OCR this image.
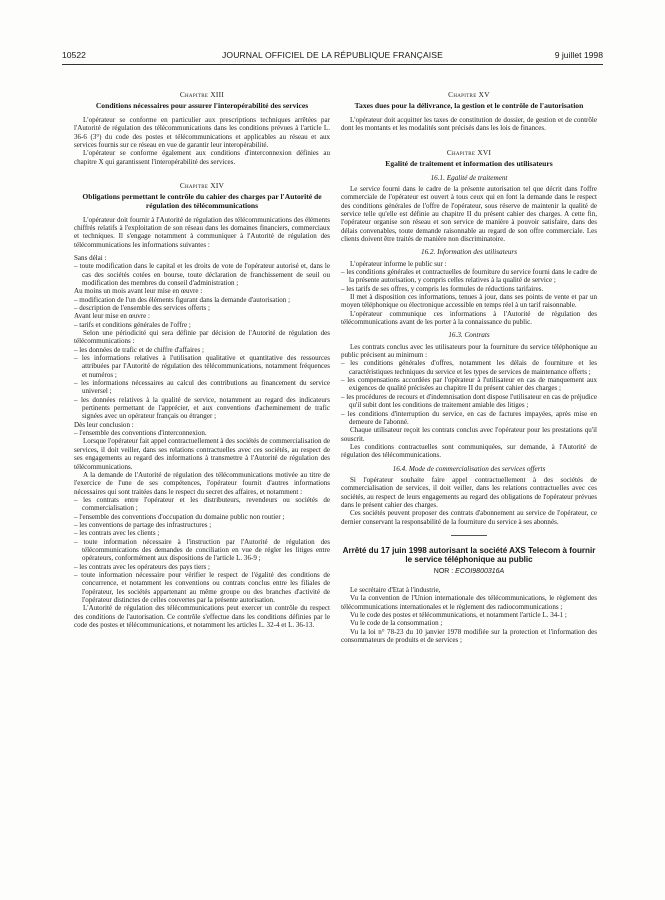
10522	JOURNAL OFFICIEL DE LA RÉPUBLIQUE FRANÇAISE	9 juillet 1998
Chapitre XIII
Conditions nécessaires pour assurer l'interopérabilité des services

L'opérateur se conforme en particulier aux prescriptions techniques arrêtées par l'Autorité de régulation des télécommunications dans les conditions prévues à l'article L. 36-6 (3°) du code des postes et télécommunications et applicables au réseau et aux services fournis sur ce réseau en vue de garantir leur interopérabilité.

L'opérateur se conforme également aux conditions d'interconnexion définies au chapitre X qui garantissent l'interopérabilité des services.

Chapitre XIV
Obligations permettant le contrôle du cahier des charges par l'Autorité de régulation des télécommunications

L'opérateur doit fournir à l'Autorité de régulation des télécommunications des éléments chiffrés relatifs à l'exploitation de son réseau dans les domaines financiers, commerciaux et techniques. Il s'engage notamment à communiquer à l'Autorité de régulation des télécommunications les informations suivantes :

Sans délai :

– toute modification dans le capital et les droits de vote de l'opérateur autorisé et, dans le cas des sociétés cotées en bourse, toute déclaration de franchissement de seuil ou modification des membres du conseil d'administration ;

Au moins un mois avant leur mise en œuvre :

– modification de l'un des éléments figurant dans la demande d'autorisation ;

– description de l'ensemble des services offerts ;

Avant leur mise en œuvre :

– tarifs et conditions générales de l'offre ;

Selon une périodicité qui sera définie par décision de l'Autorité de régulation des télécommunications :

– les données de trafic et de chiffre d'affaires ;

– les informations relatives à l'utilisation qualitative et quantitative des ressources attribuées par l'Autorité de régulation des télécommunications, notamment fréquences et numéros ;

– les informations nécessaires au calcul des contributions au financement du service universel ;

– les données relatives à la qualité de service, notamment au regard des indicateurs pertinents permettant de l'apprécier, et aux conventions d'acheminement de trafic signées avec un opérateur français ou étranger ;

Dès leur conclusion :

– l'ensemble des conventions d'interconnexion.

Lorsque l'opérateur fait appel contractuellement à des sociétés de commercialisation de services, il doit veiller, dans ses relations contractuelles avec ces sociétés, au respect de ses engagements au regard des informations à transmettre à l'Autorité de régulation des télécommunications.

A la demande de l'Autorité de régulation des télécommunications motivée au titre de l'exercice de l'une de ses compétences, l'opérateur fournit d'autres informations nécessaires qui sont traitées dans le respect du secret des affaires, et notamment :

– les contrats entre l'opérateur et les distributeurs, revendeurs ou sociétés de commercialisation ;

– l'ensemble des conventions d'occupation du domaine public non routier ;

– les conventions de partage des infrastructures ;

– les contrats avec les clients ;

– toute information nécessaire à l'instruction par l'Autorité de régulation des télécommunications des demandes de conciliation en vue de régler les litiges entre opérateurs, conformément aux dispositions de l'article L. 36-9 ;

– les contrats avec les opérateurs des pays tiers ;

– toute information nécessaire pour vérifier le respect de l'égalité des conditions de concurrence, et notamment les conventions ou contrats conclus entre les filiales de l'opérateur, les sociétés appartenant au même groupe ou des branches d'activité de l'opérateur distinctes de celles couvertes par la présente autorisation.

L'Autorité de régulation des télécommunications peut exercer un contrôle du respect des conditions de l'autorisation. Ce contrôle s'effectue dans les conditions définies par le code des postes et télécommunications, et notamment les articles L. 32-4 et L. 36-13.

Chapitre XV
Taxes dues pour la délivrance, la gestion et le contrôle de l'autorisation

L'opérateur doit acquitter les taxes de constitution de dossier, de gestion et de contrôle dont les montants et les modalités sont précisés dans les lois de finances.

Chapitre XVI
Egalité de traitement et information des utilisateurs
16.1. Egalité de traitement

Le service fourni dans le cadre de la présente autorisation tel que décrit dans l'offre commerciale de l'opérateur est ouvert à tous ceux qui en font la demande dans le respect des conditions générales de l'offre de l'opérateur, sous réserve de maintenir la qualité de service telle qu'elle est définie au chapitre II du présent cahier des charges. A cette fin, l'opérateur organise son réseau et son service de manière à pouvoir satisfaire, dans des délais convenables, toute demande raisonnable au regard de son offre commerciale. Les clients doivent être traités de manière non discriminatoire.

16.2. Information des utilisateurs

L'opérateur informe le public sur :

– les conditions générales et contractuelles de fourniture du service fourni dans le cadre de la présente autorisation, y compris celles relatives à la qualité de service ;

– les tarifs de ses offres, y compris les formules de réductions tarifaires.

Il met à disposition ces informations, tenues à jour, dans ses points de vente et par un moyen téléphonique ou électronique accessible en temps réel à un tarif raisonnable.

L'opérateur communique ces informations à l'Autorité de régulation des télécommunications avant de les porter à la connaissance du public.

16.3. Contrats

Les contrats conclus avec les utilisateurs pour la fourniture du service téléphonique au public précisent au minimum :

– les conditions générales d'offres, notamment les délais de fourniture et les caractéristiques techniques du service et les types de services de maintenance offerts ;

– les compensations accordées par l'opérateur à l'utilisateur en cas de manquement aux exigences de qualité précisées au chapitre II du présent cahier des charges ;

– les procédures de recours et d'indemnisation dont dispose l'utilisateur en cas de préjudice qu'il subit dont les conditions de traitement amiable des litiges ;

– les conditions d'interruption du service, en cas de factures impayées, après mise en demeure de l'abonné.

Chaque utilisateur reçoit les contrats conclus avec l'opérateur pour les prestations qu'il souscrit.

Les conditions contractuelles sont communiquées, sur demande, à l'Autorité de régulation des télécommunications.

16.4. Mode de commercialisation des services offerts

Si l'opérateur souhaite faire appel contractuellement à des sociétés de commercialisation de services, il doit veiller, dans les relations contractuelles avec ces sociétés, au respect de leurs engagements au regard des obligations de l'opérateur prévues dans le présent cahier des charges.

Ces sociétés peuvent proposer des contrats d'abonnement au service de l'opérateur, ce dernier conservant la responsabilité de la fourniture du service à ses abonnés.

Arrêté du 17 juin 1998 autorisant la société AXS Telecom à fournir le service téléphonique au public
NOR : ECOI9800316A

Le secrétaire d'Etat à l'industrie,

Vu la convention de l'Union internationale des télécommunications, le règlement des télécommunications internationales et le règlement des radiocommunications ;

Vu le code des postes et télécommunications, et notamment l'article L. 34-1 ;

Vu le code de la consommation ;

Vu la loi n° 78-23 du 10 janvier 1978 modifiée sur la protection et l'information des consommateurs de produits et de services ;
